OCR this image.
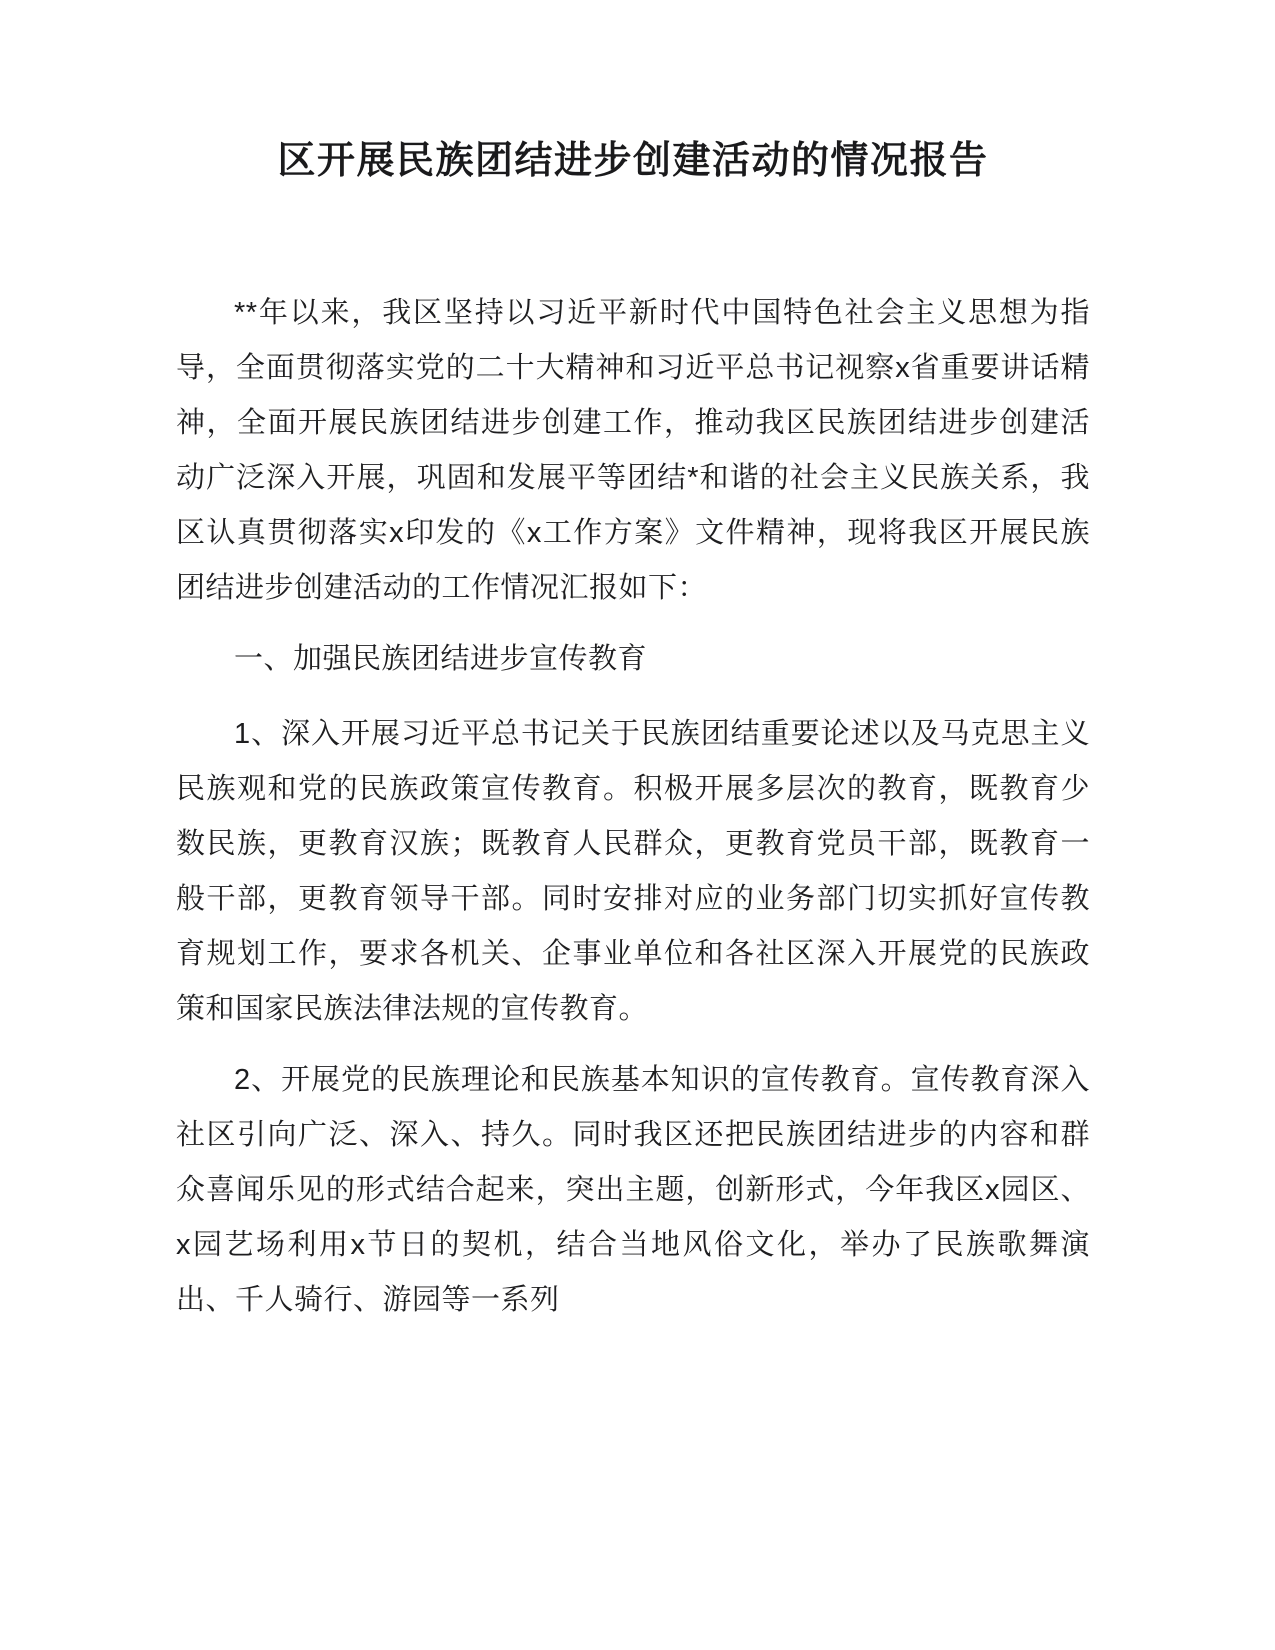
区开展民族团结进步创建活动的情况报告

**年以来，我区坚持以习近平新时代中国特色社会主义思想为指导，全面贯彻落实党的二十大精神和习近平总书记视察x省重要讲话精神，全面开展民族团结进步创建工作，推动我区民族团结进步创建活动广泛深入开展，巩固和发展平等团结*和谐的社会主义民族关系，我区认真贯彻落实x印发的《x工作方案》文件精神，现将我区开展民族团结进步创建活动的工作情况汇报如下：

一、加强民族团结进步宣传教育

1、深入开展习近平总书记关于民族团结重要论述以及马克思主义民族观和党的民族政策宣传教育。积极开展多层次的教育，既教育少数民族，更教育汉族；既教育人民群众，更教育党员干部，既教育一般干部，更教育领导干部。同时安排对应的业务部门切实抓好宣传教育规划工作，要求各机关、企事业单位和各社区深入开展党的民族政策和国家民族法律法规的宣传教育。

2、开展党的民族理论和民族基本知识的宣传教育。宣传教育深入社区引向广泛、深入、持久。同时我区还把民族团结进步的内容和群众喜闻乐见的形式结合起来，突出主题，创新形式，今年我区x园区、x园艺场利用x节日的契机，结合当地风俗文化，举办了民族歌舞演出、千人骑行、游园等一系列
